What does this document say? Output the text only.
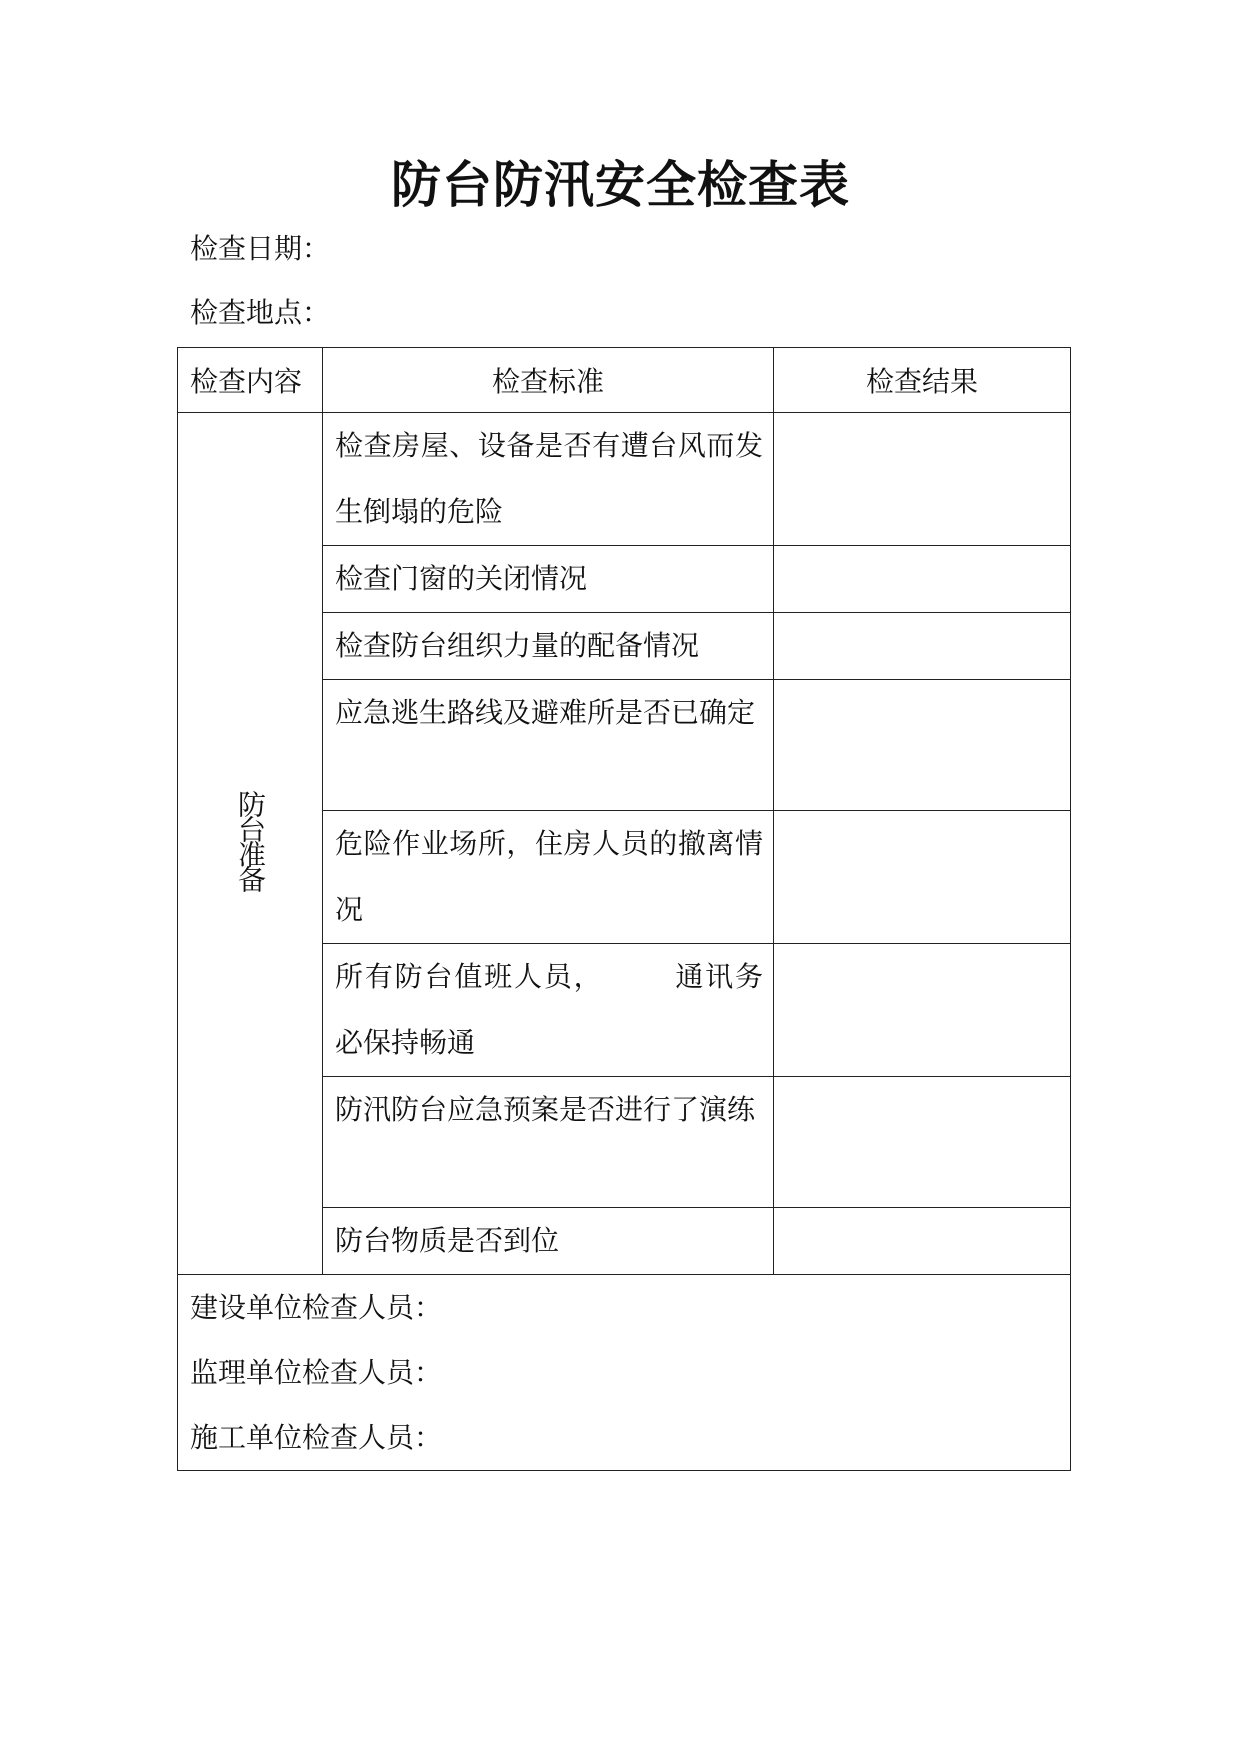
防台防汛安全检查表
检查日期：
检查地点：
检查内容	检查标准	检查结果
防台准备	检查房屋、设备是否有遭台风而发生倒塌的危险	
	检查门窗的关闭情况	
	检查防台组织力量的配备情况	
	应急逃生路线及避难所是否已确定	
	危险作业场所，住房人员的撤离情况	
	所有防台值班人员， 通讯务必保持畅通	
	防汛防台应急预案是否进行了演练	
	防台物质是否到位	

建设单位检查人员：
监理单位检查人员：
施工单位检查人员：		
